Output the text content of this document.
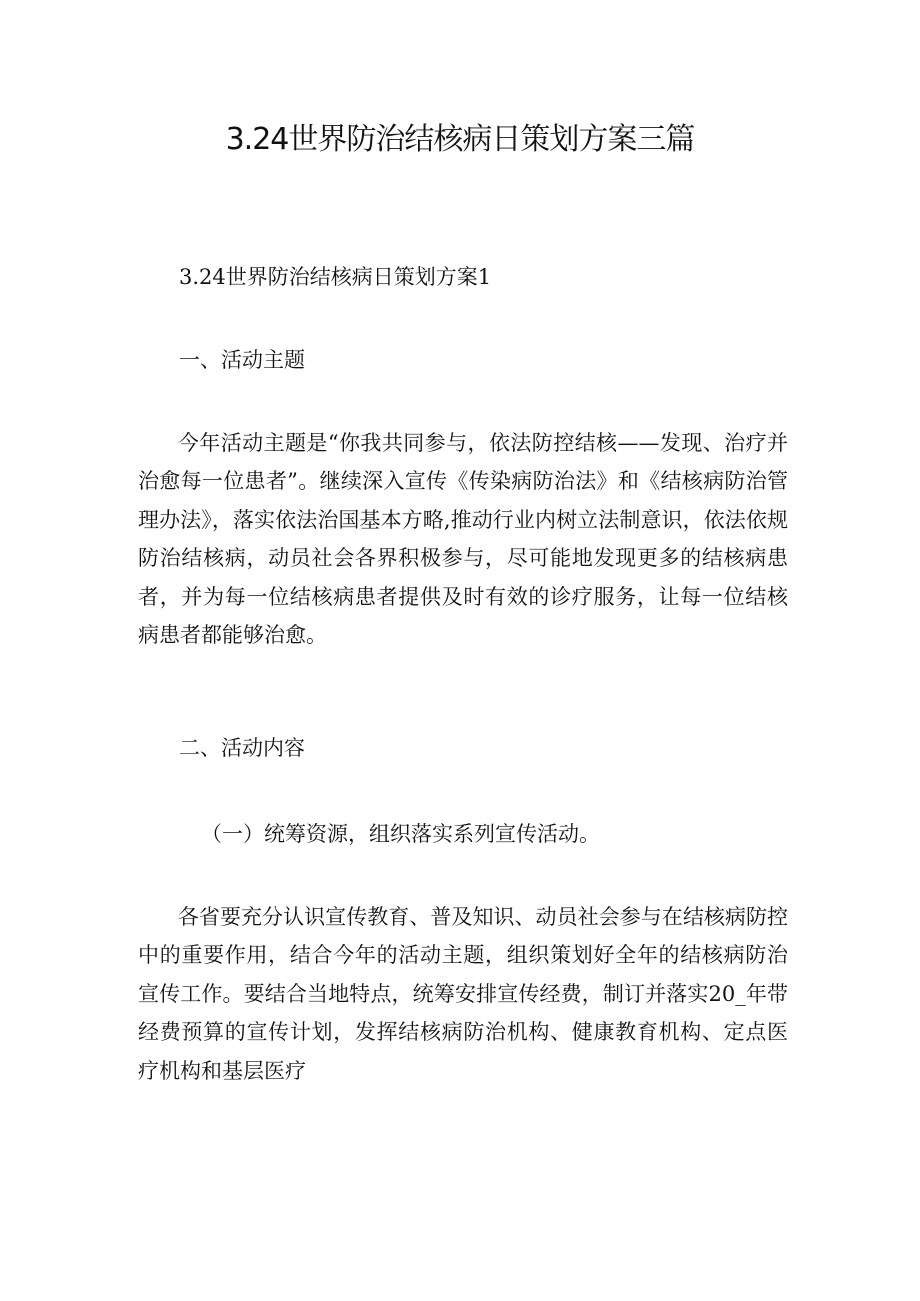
3.24世界防治结核病日策划方案三篇

3.24世界防治结核病日策划方案1

一、活动主题

今年活动主题是“你我共同参与，依法防控结核——发现、治疗并治愈每一位患者”。继续深入宣传《传染病防治法》和《结核病防治管理办法》，落实依法治国基本方略,推动行业内树立法制意识，依法依规防治结核病，动员社会各界积极参与，尽可能地发现更多的结核病患者，并为每一位结核病患者提供及时有效的诊疗服务，让每一位结核病患者都能够治愈。

二、活动内容

（一）统筹资源，组织落实系列宣传活动。

各省要充分认识宣传教育、普及知识、动员社会参与在结核病防控中的重要作用，结合今年的活动主题，组织策划好全年的结核病防治宣传工作。要结合当地特点，统筹安排宣传经费，制订并落实20_年带经费预算的宣传计划，发挥结核病防治机构、健康教育机构、定点医疗机构和基层医疗
